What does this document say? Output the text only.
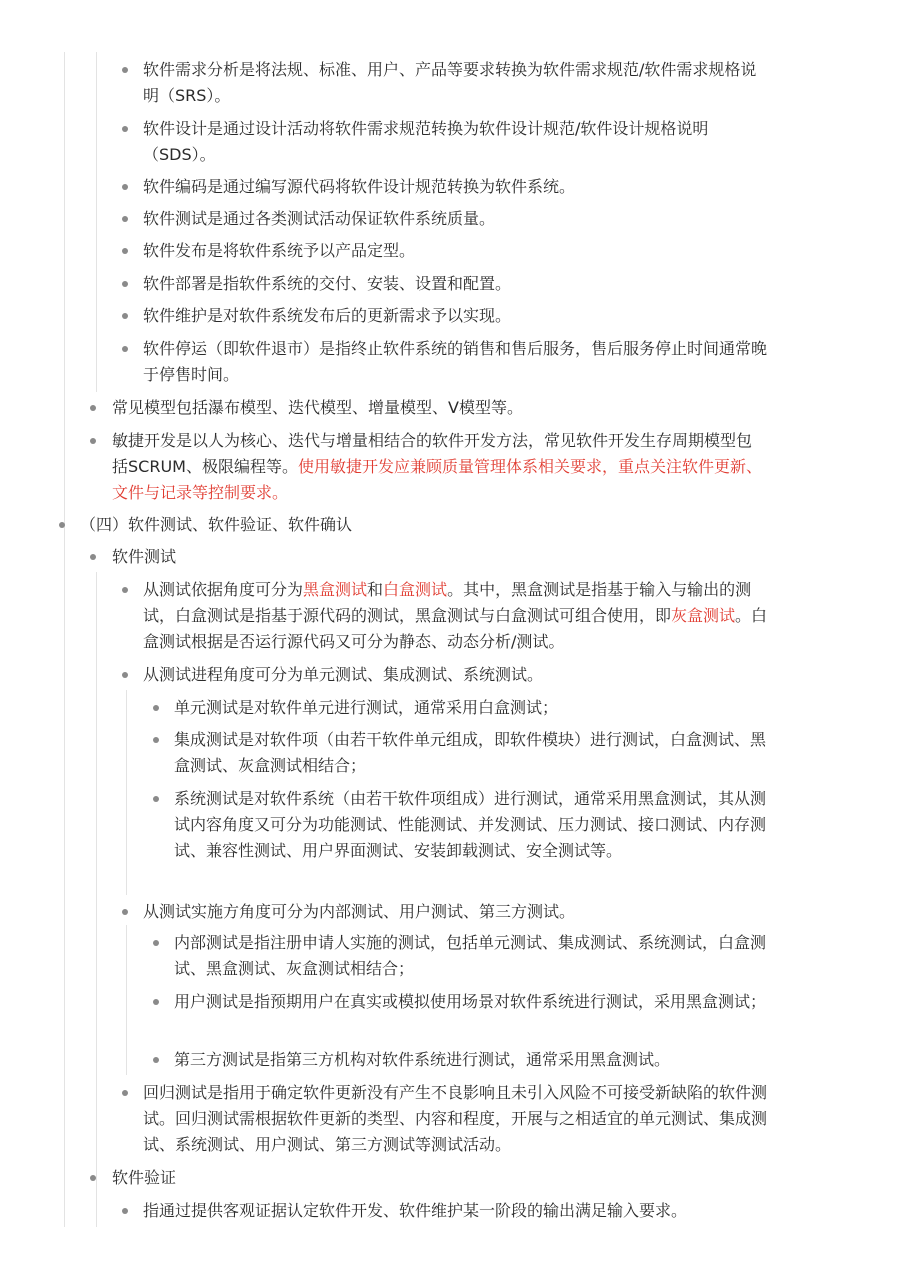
软件需求分析是将法规、标准、用户、产品等要求转换为软件需求规范/软件需求规格说明（SRS）。

软件设计是通过设计活动将软件需求规范转换为软件设计规范/软件设计规格说明（SDS）。

软件编码是通过编写源代码将软件设计规范转换为软件系统。

软件测试是通过各类测试活动保证软件系统质量。

软件发布是将软件系统予以产品定型。

软件部署是指软件系统的交付、安装、设置和配置。

软件维护是对软件系统发布后的更新需求予以实现。

软件停运（即软件退市）是指终止软件系统的销售和售后服务，售后服务停止时间通常晚于停售时间。

常见模型包括瀑布模型、迭代模型、增量模型、V模型等。

敏捷开发是以人为核心、迭代与增量相结合的软件开发方法，常见软件开发生存周期模型包括SCRUM、极限编程等。使用敏捷开发应兼顾质量管理体系相关要求，重点关注软件更新、文件与记录等控制要求。

（四）软件测试、软件验证、软件确认

软件测试

从测试依据角度可分为黑盒测试和白盒测试。其中，黑盒测试是指基于输入与输出的测试，白盒测试是指基于源代码的测试，黑盒测试与白盒测试可组合使用，即灰盒测试。白盒测试根据是否运行源代码又可分为静态、动态分析/测试。

从测试进程角度可分为单元测试、集成测试、系统测试。

单元测试是对软件单元进行测试，通常采用白盒测试；

集成测试是对软件项（由若干软件单元组成，即软件模块）进行测试，白盒测试、黑盒测试、灰盒测试相结合；

系统测试是对软件系统（由若干软件项组成）进行测试，通常采用黑盒测试，其从测试内容角度又可分为功能测试、性能测试、并发测试、压力测试、接口测试、内存测试、兼容性测试、用户界面测试、安装卸载测试、安全测试等。

从测试实施方角度可分为内部测试、用户测试、第三方测试。

内部测试是指注册申请人实施的测试，包括单元测试、集成测试、系统测试，白盒测试、黑盒测试、灰盒测试相结合；

用户测试是指预期用户在真实或模拟使用场景对软件系统进行测试，采用黑盒测试；

第三方测试是指第三方机构对软件系统进行测试，通常采用黑盒测试。

回归测试是指用于确定软件更新没有产生不良影响且未引入风险不可接受新缺陷的软件测试。回归测试需根据软件更新的类型、内容和程度，开展与之相适宜的单元测试、集成测试、系统测试、用户测试、第三方测试等测试活动。

软件验证

指通过提供客观证据认定软件开发、软件维护某一阶段的输出满足输入要求。
